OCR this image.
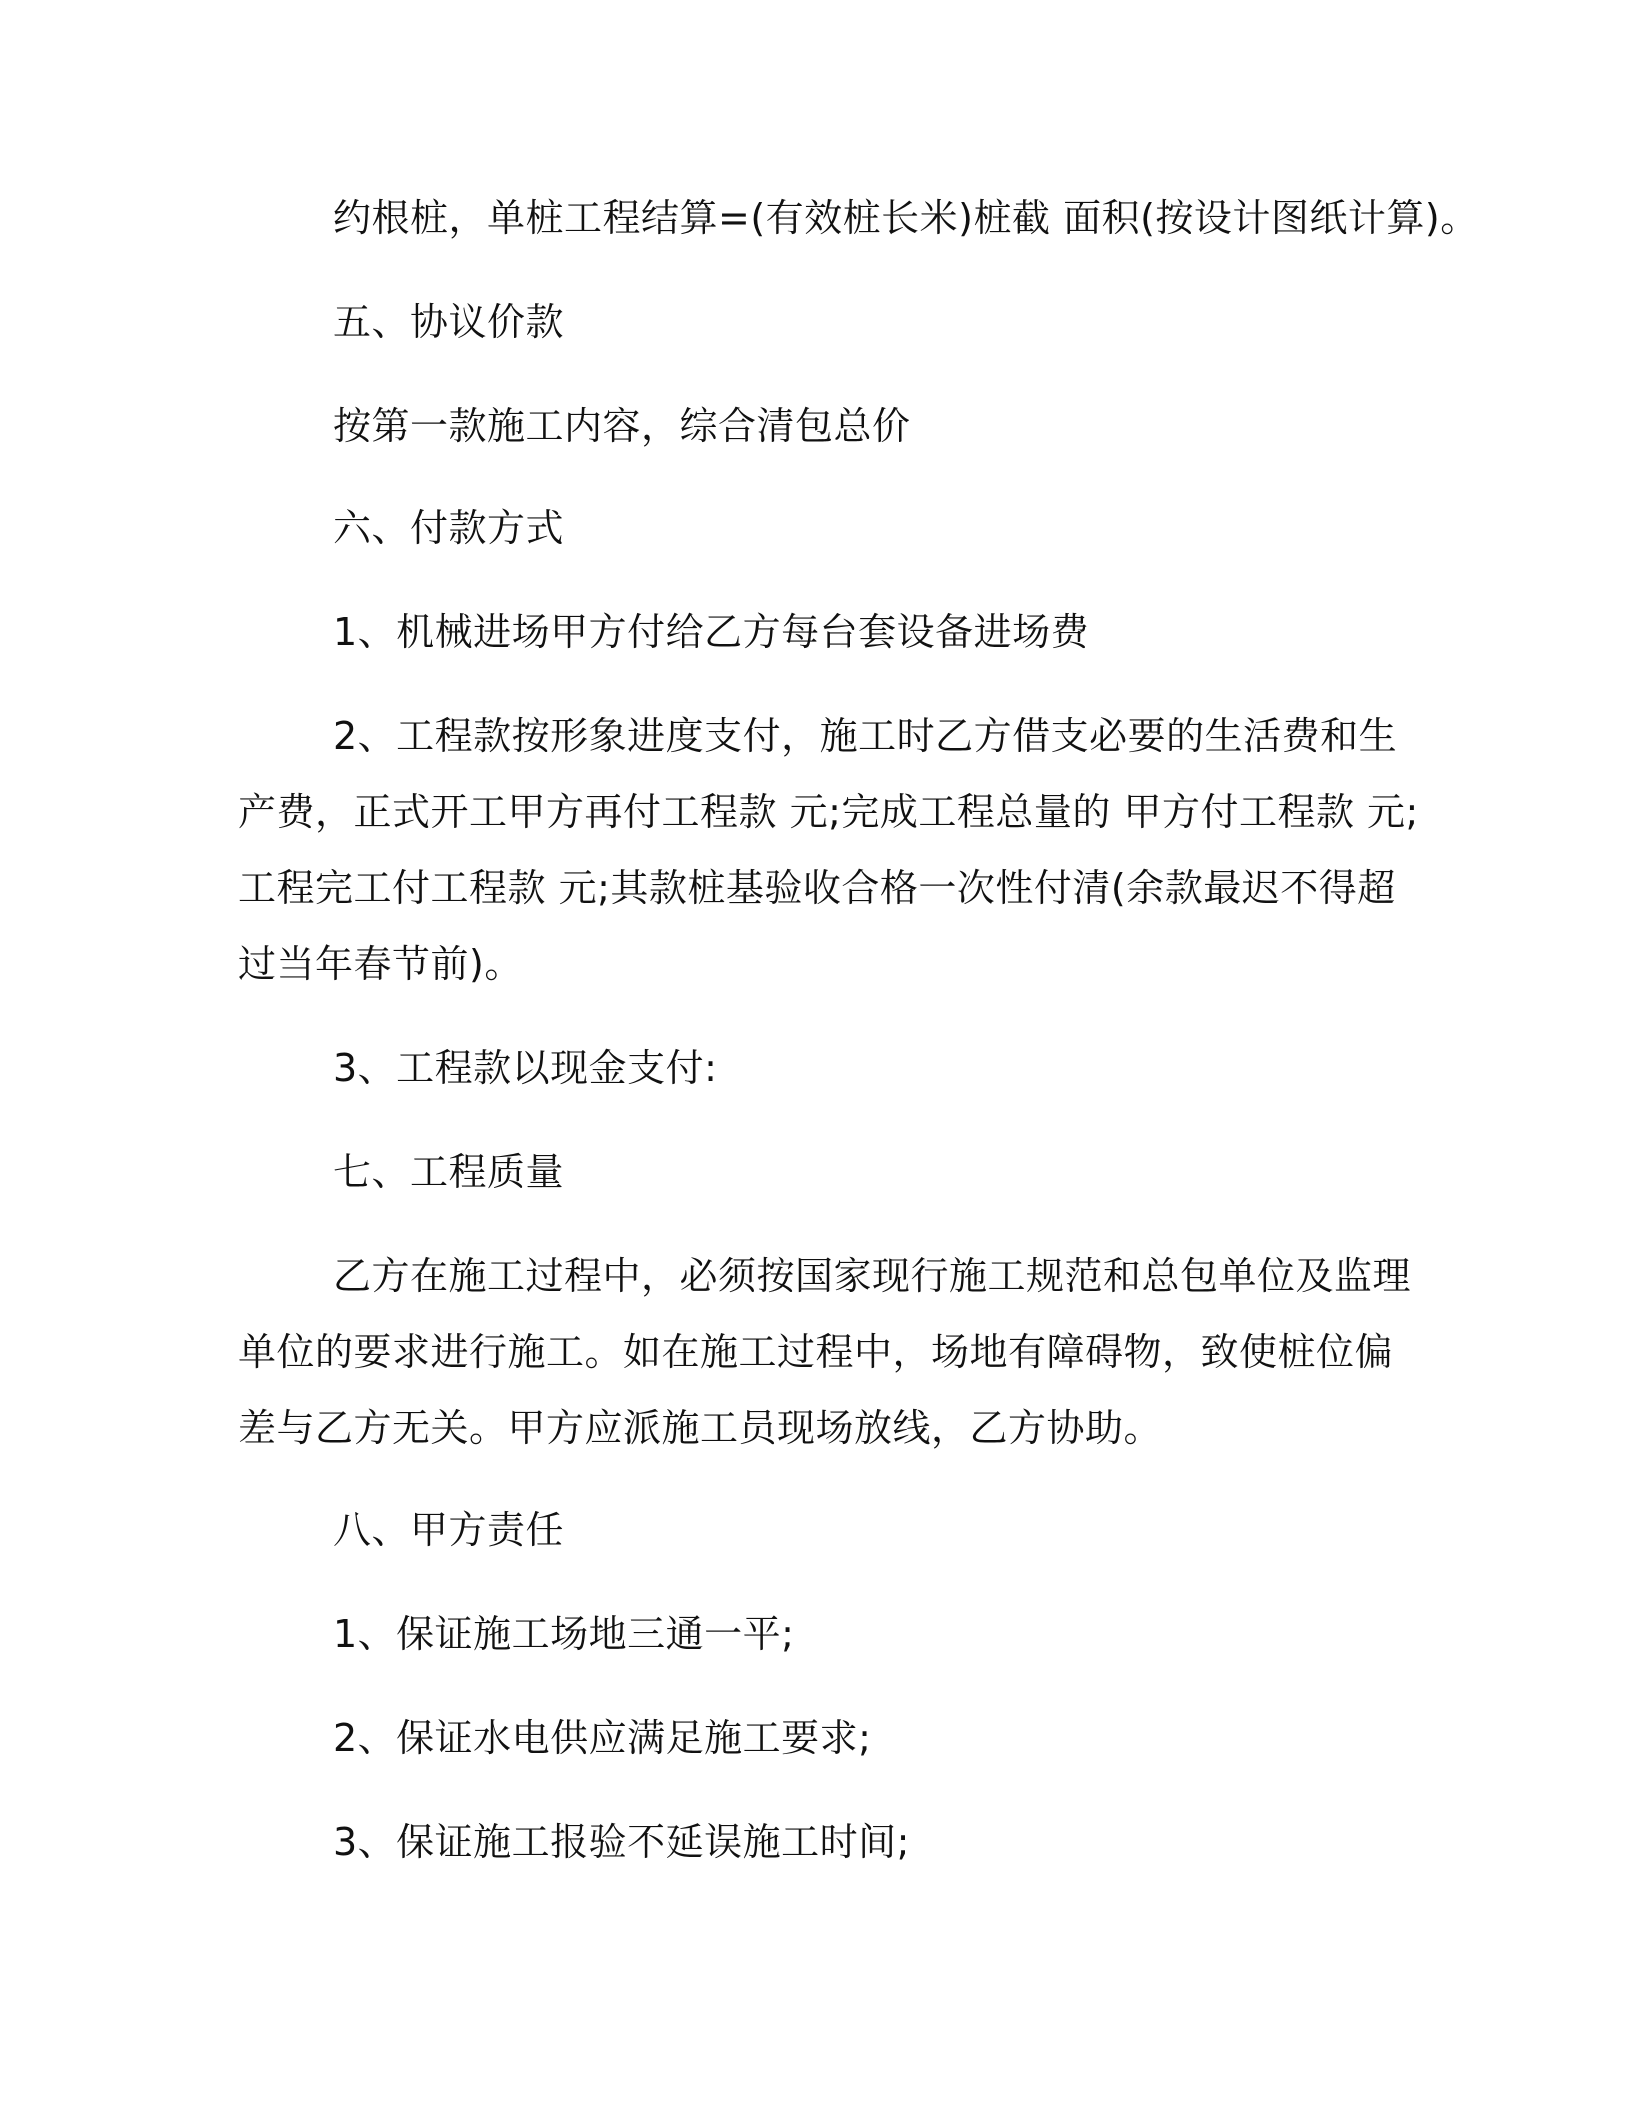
约根桩，单桩工程结算=(有效桩长米)桩截 面积(按设计图纸计算)。

五、协议价款

按第一款施工内容，综合清包总价

六、付款方式

1、机械进场甲方付给乙方每台套设备进场费

2、工程款按形象进度支付，施工时乙方借支必要的生活费和生

产费，正式开工甲方再付工程款 元;完成工程总量的 甲方付工程款 元;

工程完工付工程款 元;其款桩基验收合格一次性付清(余款最迟不得超

过当年春节前)。

3、工程款以现金支付:

七、工程质量

乙方在施工过程中，必须按国家现行施工规范和总包单位及监理

单位的要求进行施工。如在施工过程中，场地有障碍物，致使桩位偏

差与乙方无关。甲方应派施工员现场放线，乙方协助。

八、甲方责任

1、保证施工场地三通一平;

2、保证水电供应满足施工要求;

3、保证施工报验不延误施工时间;
